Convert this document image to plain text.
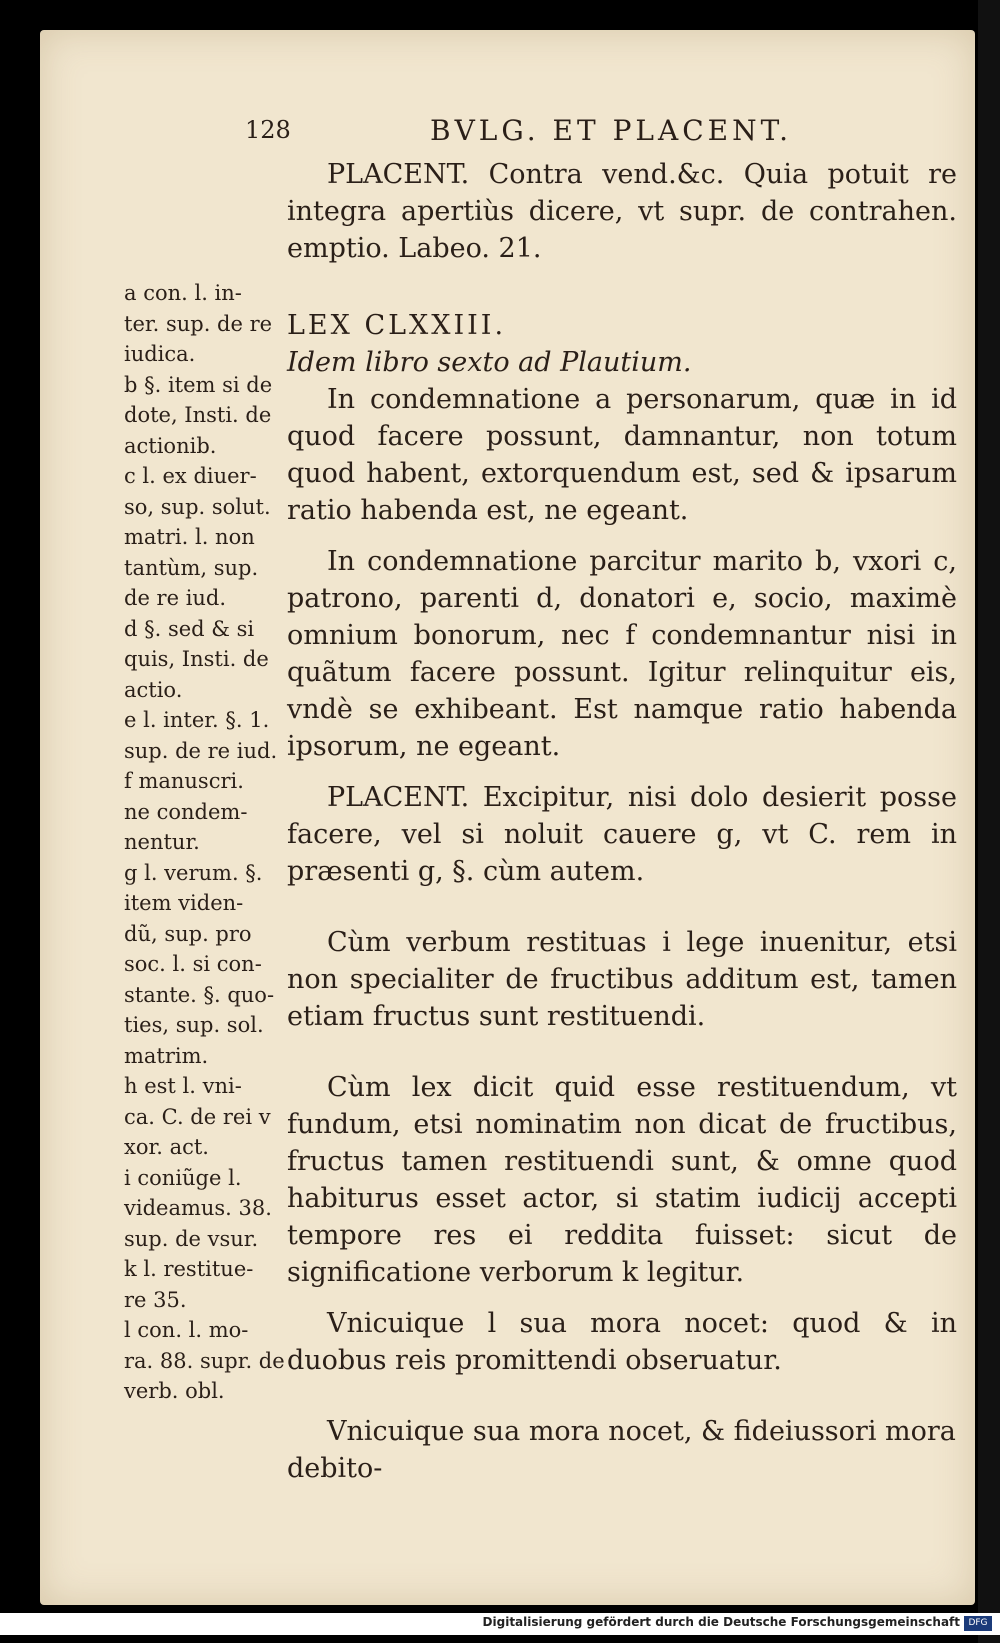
128	BVLG. ET PLACENT.

PLACENT. Contra vend.&c. Quia potuit re integra apertiùs dicere, vt supr. de contrahen. emptio. Labeo. 21.

LEX CLXXIII.

Idem libro sexto ad Plautium.

In condemnatione a personarum, quæ in id quod facere possunt, damnantur, non totum quod habent, extorquendum est, sed & ipsarum ratio habenda est, ne egeant.

In condemnatione parcitur marito b, vxori c, patrono, parenti d, donatori e, socio, maximè omnium bonorum, nec f condemnantur nisi in quãtum facere possunt. Igitur relinquitur eis, vndè se exhibeant. Est namque ratio habenda ipsorum, ne egeant.

PLACENT. Excipitur, nisi dolo desierit posse facere, vel si noluit cauere g, vt C. rem in præsenti g, §. cùm autem.

Cùm verbum restituas i lege inuenitur, etsi non specialiter de fructibus additum est, tamen etiam fructus sunt restituendi.

Cùm lex dicit quid esse restituendum, vt fundum, etsi nominatim non dicat de fructibus, fructus tamen restituendi sunt, & omne quod habiturus esset actor, si statim iudicij accepti tempore res ei reddita fuisset: sicut de significatione verborum k legitur.

Vnicuique l sua mora nocet: quod & in duobus reis promittendi obseruatur.

Vnicuique sua mora nocet, & fideiussori mora

debito-

a con. l. in-
ter. sup. de re
iudica.
b §. item si de
dote, Insti. de
actionib.
c l. ex diuer-
so, sup. solut.
matri. l. non
tantùm, sup.
de re iud.
d §. sed & si
quis, Insti. de
actio.
e l. inter. §. 1.
sup. de re iud.
f manuscri.
ne condem-
nentur.
g l. verum. §.
item viden-
dũ, sup. pro
soc. l. si con-
stante. §. quo-
ties, sup. sol.
matrim.
h est l. vni-
ca. C. de rei v
xor. act.
i coniũge l.
videamus. 38.
sup. de vsur.
k l. restitue-
re 35.
l con. l. mo-
ra. 88. supr. de
verb. obl.
Digitalisierung gefördert durch die Deutsche Forschungsgemeinschaft DFG
